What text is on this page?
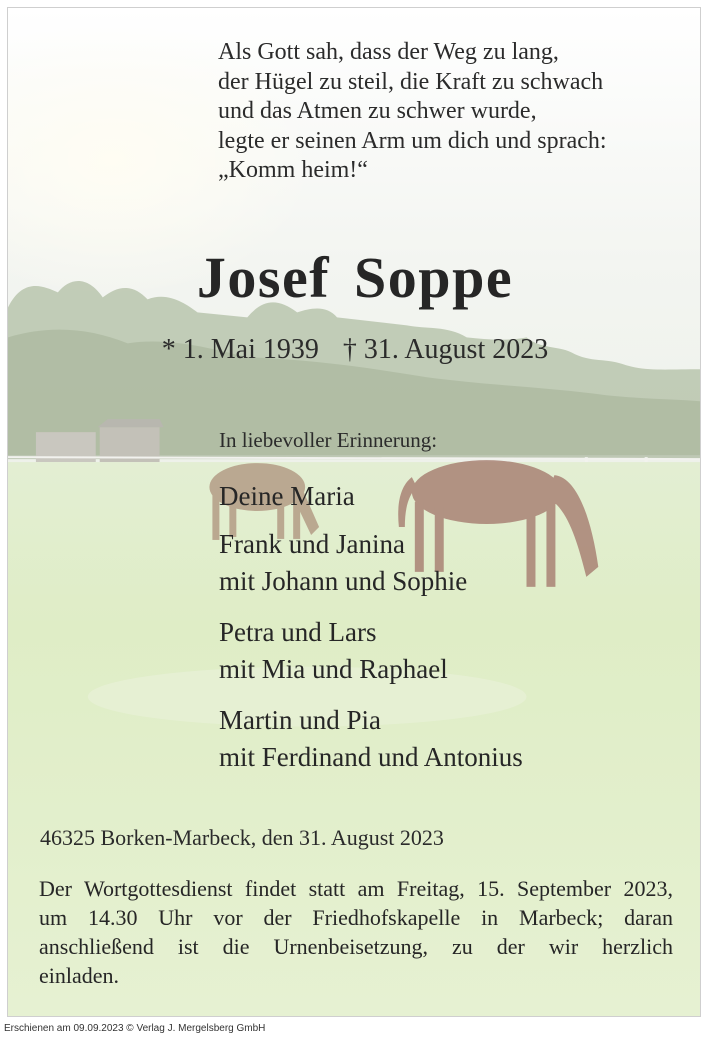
Als Gott sah, dass der Weg zu lang,
der Hügel zu steil, die Kraft zu schwach
und das Atmen zu schwer wurde,
legte er seinen Arm um dich und sprach:
„Komm heim!“
Josef Soppe
* 1. Mai 1939 † 31. August 2023
In liebevoller Erinnerung:
Deine Maria
Frank und Janina
mit Johann und Sophie
Petra und Lars
mit Mia und Raphael
Martin und Pia
mit Ferdinand und Antonius
46325 Borken-Marbeck, den 31. August 2023
Der Wortgottesdienst findet statt am Freitag, 15. September 2023,
um 14.30 Uhr vor der Friedhofskapelle in Marbeck; daran
anschließend ist die Urnenbeisetzung, zu der wir herzlich
einladen.
Erschienen am 09.09.2023 © Verlag J. Mergelsberg GmbH
